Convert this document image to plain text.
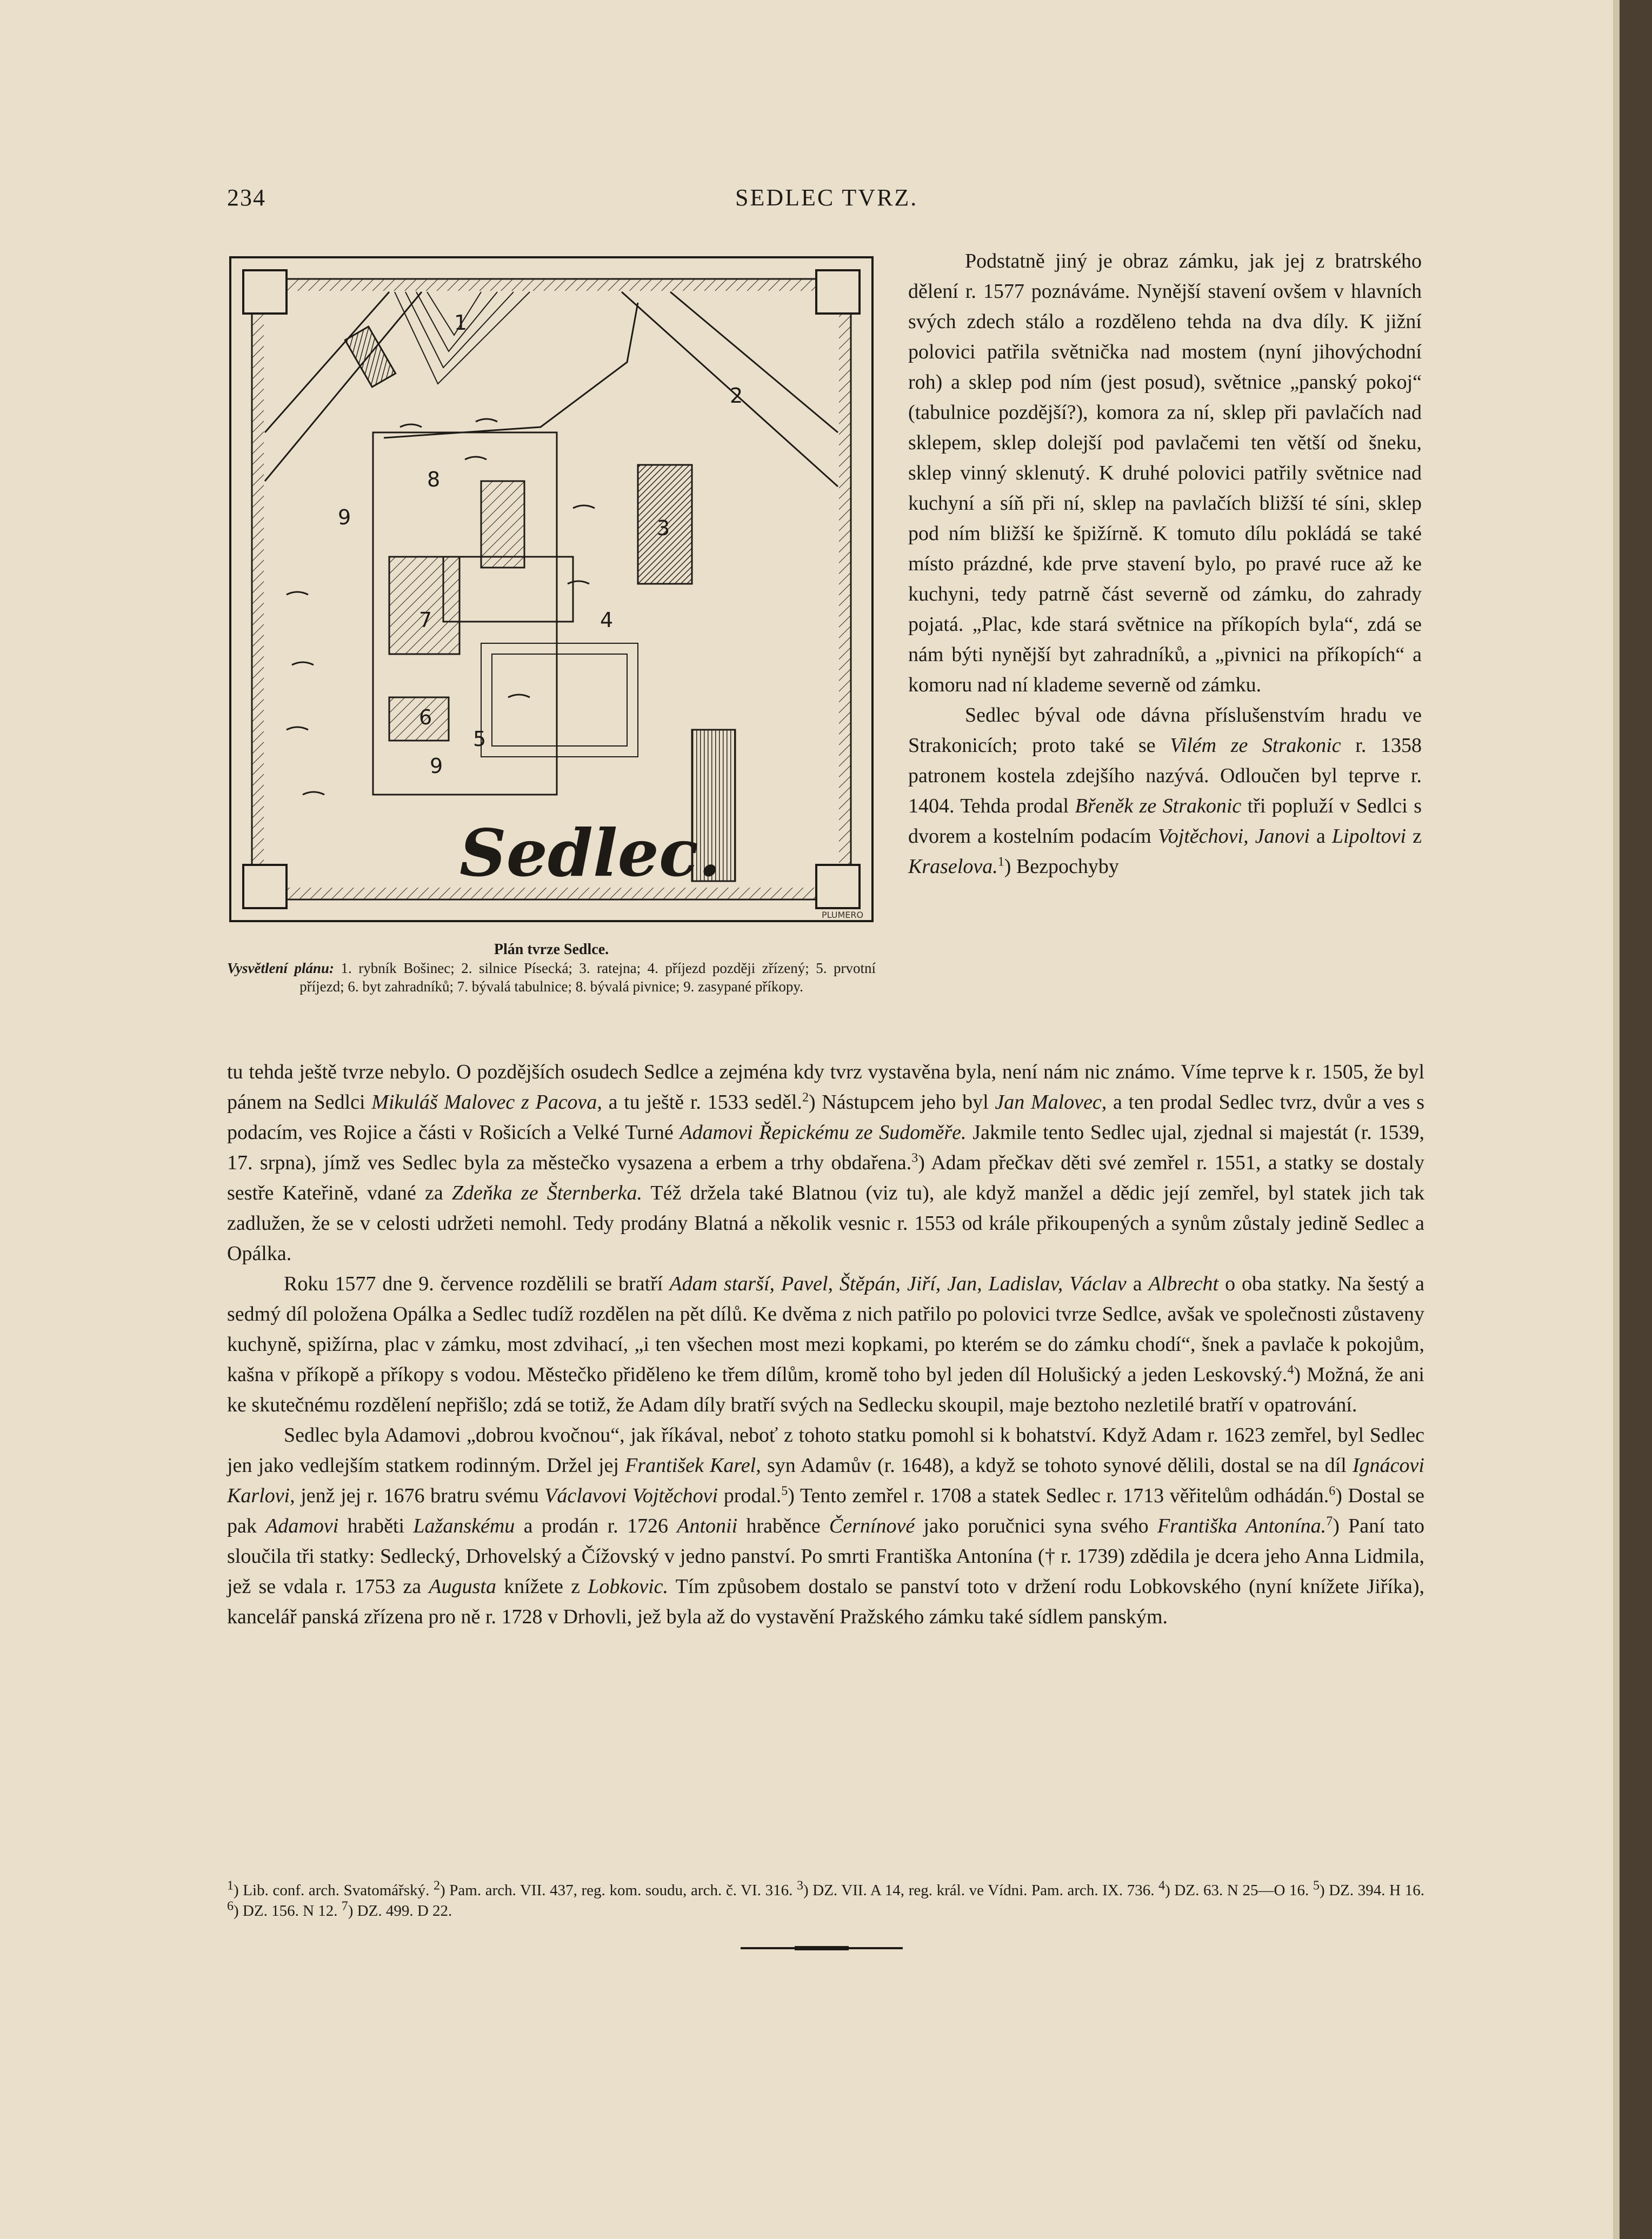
234	SEDLEC TVRZ.
1
2
3
4
5
6
7
8
9
9
Sedlec.
PLUMERO
Plán tvrze Sedlce.
Vysvětlení plánu: 1. rybník Bošinec; 2. silnice Písecká; 3. ratejna; 4. příjezd později zřízený; 5. prvotní příjezd; 6. byt zahradníků; 7. bývalá tabulnice; 8. bývalá pivnice; 9. zasypané příkopy.

Podstatně jiný je obraz zámku, jak jej z bratrského dělení r. 1577 poznáváme. Nynější stavení ovšem v hlavních svých zdech stálo a rozděleno tehda na dva díly. K jižní polovici patřila světnička nad mostem (nyní jihovýchodní roh) a sklep pod ním (jest posud), světnice „panský pokoj“ (tabulnice pozdější?), komora za ní, sklep při pavlačích nad sklepem, sklep dolejší pod pavlačemi ten větší od šneku, sklep vinný sklenutý. K druhé polovici patřily světnice nad kuchyní a síň při ní, sklep na pavlačích bližší té síni, sklep pod ním bližší ke špižírně. K tomuto dílu pokládá se také místo prázdné, kde prve stavení bylo, po pravé ruce až ke kuchyni, tedy patrně část severně od zámku, do zahrady pojatá. „Plac, kde stará světnice na příkopích byla“, zdá se nám býti nynější byt zahradníků, a „pivnici na příkopích“ a komoru nad ní klademe severně od zámku.

Sedlec býval ode dávna příslušenstvím hradu ve Strakonicích; proto také se Vilém ze Strakonic r. 1358 patronem kostela zdejšího nazývá. Odloučen byl teprve r. 1404. Tehda prodal Břeněk ze Strakonic tři popluží v Sedlci s dvorem a kostelním podacím Vojtěchovi, Janovi a Lipoltovi z Kraselova.$^1$) Bezpochyby

tu tehda ještě tvrze nebylo. O pozdějších osudech Sedlce a zejména kdy tvrz vystavěna byla, není nám nic známo. Víme teprve k r. 1505, že byl pánem na Sedlci Mikuláš Malovec z Pacova, a tu ještě r. 1533 seděl.$^2$) Nástupcem jeho byl Jan Malovec, a ten prodal Sedlec tvrz, dvůr a ves s podacím, ves Rojice a části v Rošicích a Velké Turné Adamovi Řepickému ze Sudoměře. Jakmile tento Sedlec ujal, zjednal si majestát (r. 1539, 17. srpna), jímž ves Sedlec byla za městečko vysazena a erbem a trhy obdařena.$^3$) Adam přečkav děti své zemřel r. 1551, a statky se dostaly sestře Kateřině, vdané za Zdeňka ze Šternberka. Též držela také Blatnou (viz tu), ale když manžel a dědic její zemřel, byl statek jich tak zadlužen, že se v celosti udržeti nemohl. Tedy prodány Blatná a několik vesnic r. 1553 od krále přikoupených a synům zůstaly jedině Sedlec a Opálka.

Roku 1577 dne 9. července rozdělili se bratří Adam starší, Pavel, Štěpán, Jiří, Jan, Ladislav, Václav a Albrecht o oba statky. Na šestý a sedmý díl položena Opálka a Sedlec tudíž rozdělen na pět dílů. Ke dvěma z nich patřilo po polovici tvrze Sedlce, avšak ve společnosti zůstaveny kuchyně, spižírna, plac v zámku, most zdvihací, „i ten všechen most mezi kopkami, po kterém se do zámku chodí“, šnek a pavlače k pokojům, kašna v příkopě a příkopy s vodou. Městečko přiděleno ke třem dílům, kromě toho byl jeden díl Holušický a jeden Leskovský.$^4$) Možná, že ani ke skutečnému rozdělení nepřišlo; zdá se totiž, že Adam díly bratří svých na Sedlecku skoupil, maje beztoho nezletilé bratří v opatrování.

Sedlec byla Adamovi „dobrou kvočnou“, jak říkával, neboť z tohoto statku pomohl si k bohatství. Když Adam r. 1623 zemřel, byl Sedlec jen jako vedlejším statkem rodinným. Držel jej František Karel, syn Adamův (r. 1648), a když se tohoto synové dělili, dostal se na díl Ignácovi Karlovi, jenž jej r. 1676 bratru svému Václavovi Vojtěchovi prodal.$^5$) Tento zemřel r. 1708 a statek Sedlec r. 1713 věřitelům odhádán.$^6$) Dostal se pak Adamovi hraběti Lažanskému a prodán r. 1726 Antonii hraběnce Černínové jako poručnici syna svého Františka Antonína.$^7$) Paní tato sloučila tři statky: Sedlecký, Drhovelský a Čížovský v jedno panství. Po smrti Františka Antonína († r. 1739) zdědila je dcera jeho Anna Lidmila, jež se vdala r. 1753 za Augusta knížete z Lobkovic. Tím způsobem dostalo se panství toto v držení rodu Lobkovského (nyní knížete Jiříka), kancelář panská zřízena pro ně r. 1728 v Drhovli, jež byla až do vystavění Pražského zámku také sídlem panským.

$^1$) Lib. conf. arch. Svatomářský. $^2$) Pam. arch. VII. 437, reg. kom. soudu, arch. č. VI. 316. $^3$) DZ. VII. A 14, reg. král. ve Vídni. Pam. arch. IX. 736. $^4$) DZ. 63. N 25—O 16. $^5$) DZ. 394. H 16. $^6$) DZ. 156. N 12. $^7$) DZ. 499. D 22.
